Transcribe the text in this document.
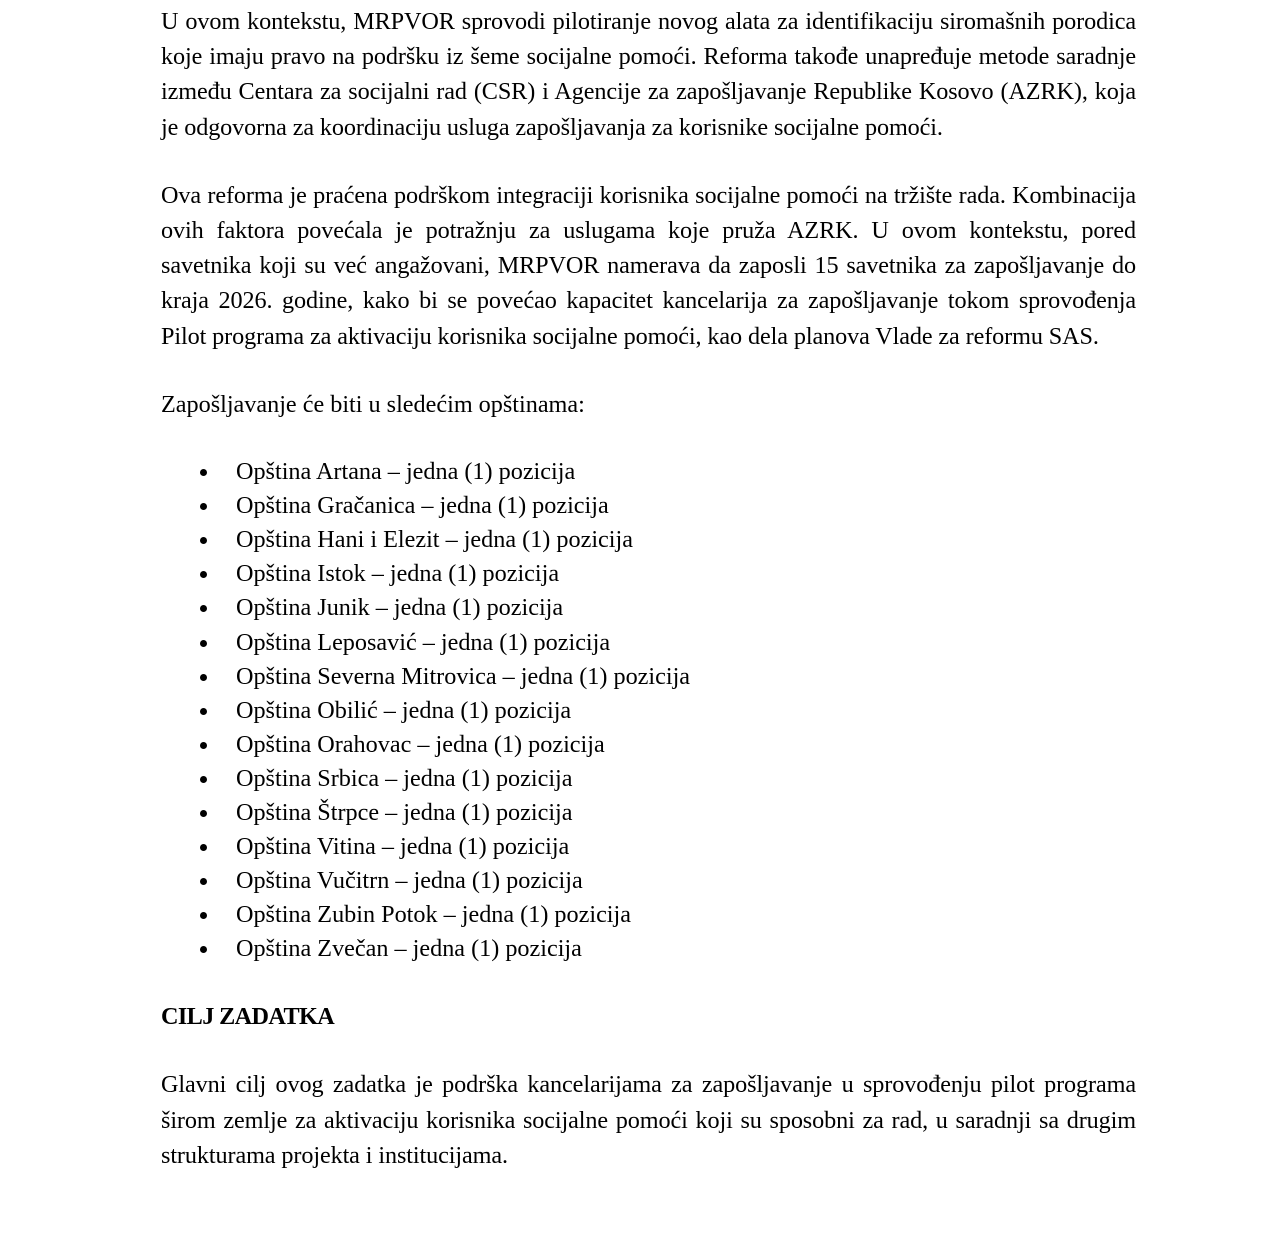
U ovom kontekstu, MRPVOR sprovodi pilotiranje novog alata za identifikaciju siromašnih porodica koje imaju pravo na podršku iz šeme socijalne pomoći. Reforma takođe unapređuje metode saradnje između Centara za socijalni rad (CSR) i Agencije za zapošljavanje Republike Kosovo (AZRK), koja je odgovorna za koordinaciju usluga zapošljavanja za korisnike socijalne pomoći.

Ova reforma je praćena podrškom integraciji korisnika socijalne pomoći na tržište rada. Kombinacija ovih faktora povećala je potražnju za uslugama koje pruža AZRK. U ovom kontekstu, pored savetnika koji su već angažovani, MRPVOR namerava da zaposli 15 savetnika za zapošljavanje do kraja 2026. godine, kako bi se povećao kapacitet kancelarija za zapošljavanje tokom sprovođenja Pilot programa za aktivaciju korisnika socijalne pomoći, kao dela planova Vlade za reformu SAS.

Zapošljavanje će biti u sledećim opštinama:

Opština Artana – jedna (1) pozicija
Opština Gračanica – jedna (1) pozicija
Opština Hani i Elezit – jedna (1) pozicija
Opština Istok – jedna (1) pozicija
Opština Junik – jedna (1) pozicija
Opština Leposavić – jedna (1) pozicija
Opština Severna Mitrovica – jedna (1) pozicija
Opština Obilić – jedna (1) pozicija
Opština Orahovac – jedna (1) pozicija
Opština Srbica – jedna (1) pozicija
Opština Štrpce – jedna (1) pozicija
Opština Vitina – jedna (1) pozicija
Opština Vučitrn – jedna (1) pozicija
Opština Zubin Potok – jedna (1) pozicija
Opština Zvečan – jedna (1) pozicija
CILJ ZADATKA

Glavni cilj ovog zadatka je podrška kancelarijama za zapošljavanje u sprovođenju pilot programa širom zemlje za aktivaciju korisnika socijalne pomoći koji su sposobni za rad, u saradnji sa drugim strukturama projekta i institucijama.
